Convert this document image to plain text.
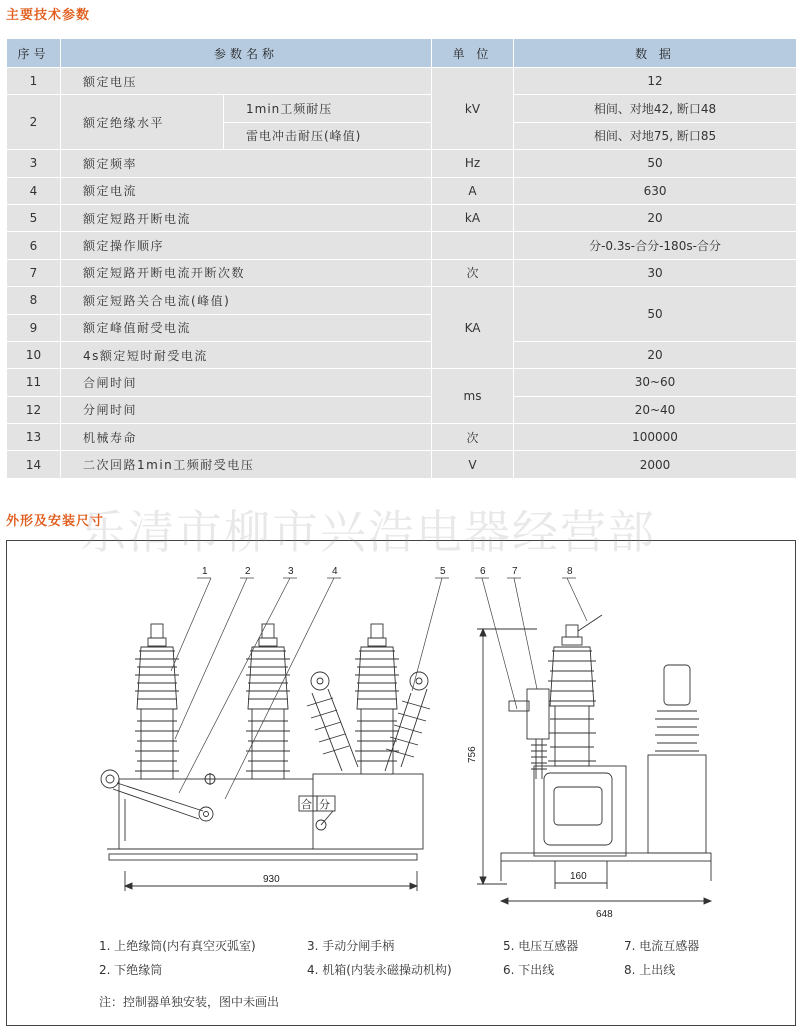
主要技术参数
序号	参数名称		单 位	数 据
1	额定电压		kV	12
2	额定绝缘水平	1min工频耐压		相间、对地42, 断口48
		雷电冲击耐压(峰值)		相间、对地75, 断口85
3	额定频率		Hz	50
4	额定电流		A	630
5	额定短路开断电流		kA	20
6	额定操作顺序			分-0.3s-合分-180s-合分
7	额定短路开断电流开断次数		次	30
8	额定短路关合电流(峰值)		KA	50
9	额定峰值耐受电流			
10	4s额定短时耐受电流			20
11	合闸时间		ms	30~60
12	分闸时间			20~40
13	机械寿命		次	100000
14	二次回路1min工频耐受电压		V	2000
外形及安装尺寸
1	2	3	4	5	6	7	8
930	160
648
756
合 分
1. 上绝缘筒(内有真空灭弧室)
2. 下绝缘筒
3. 手动分闸手柄
4. 机箱(内装永磁操动机构)
5. 电压互感器
6. 下出线
7. 电流互感器
8. 上出线
注：控制器单独安装，图中未画出
乐清市柳市兴浩电器经营部
